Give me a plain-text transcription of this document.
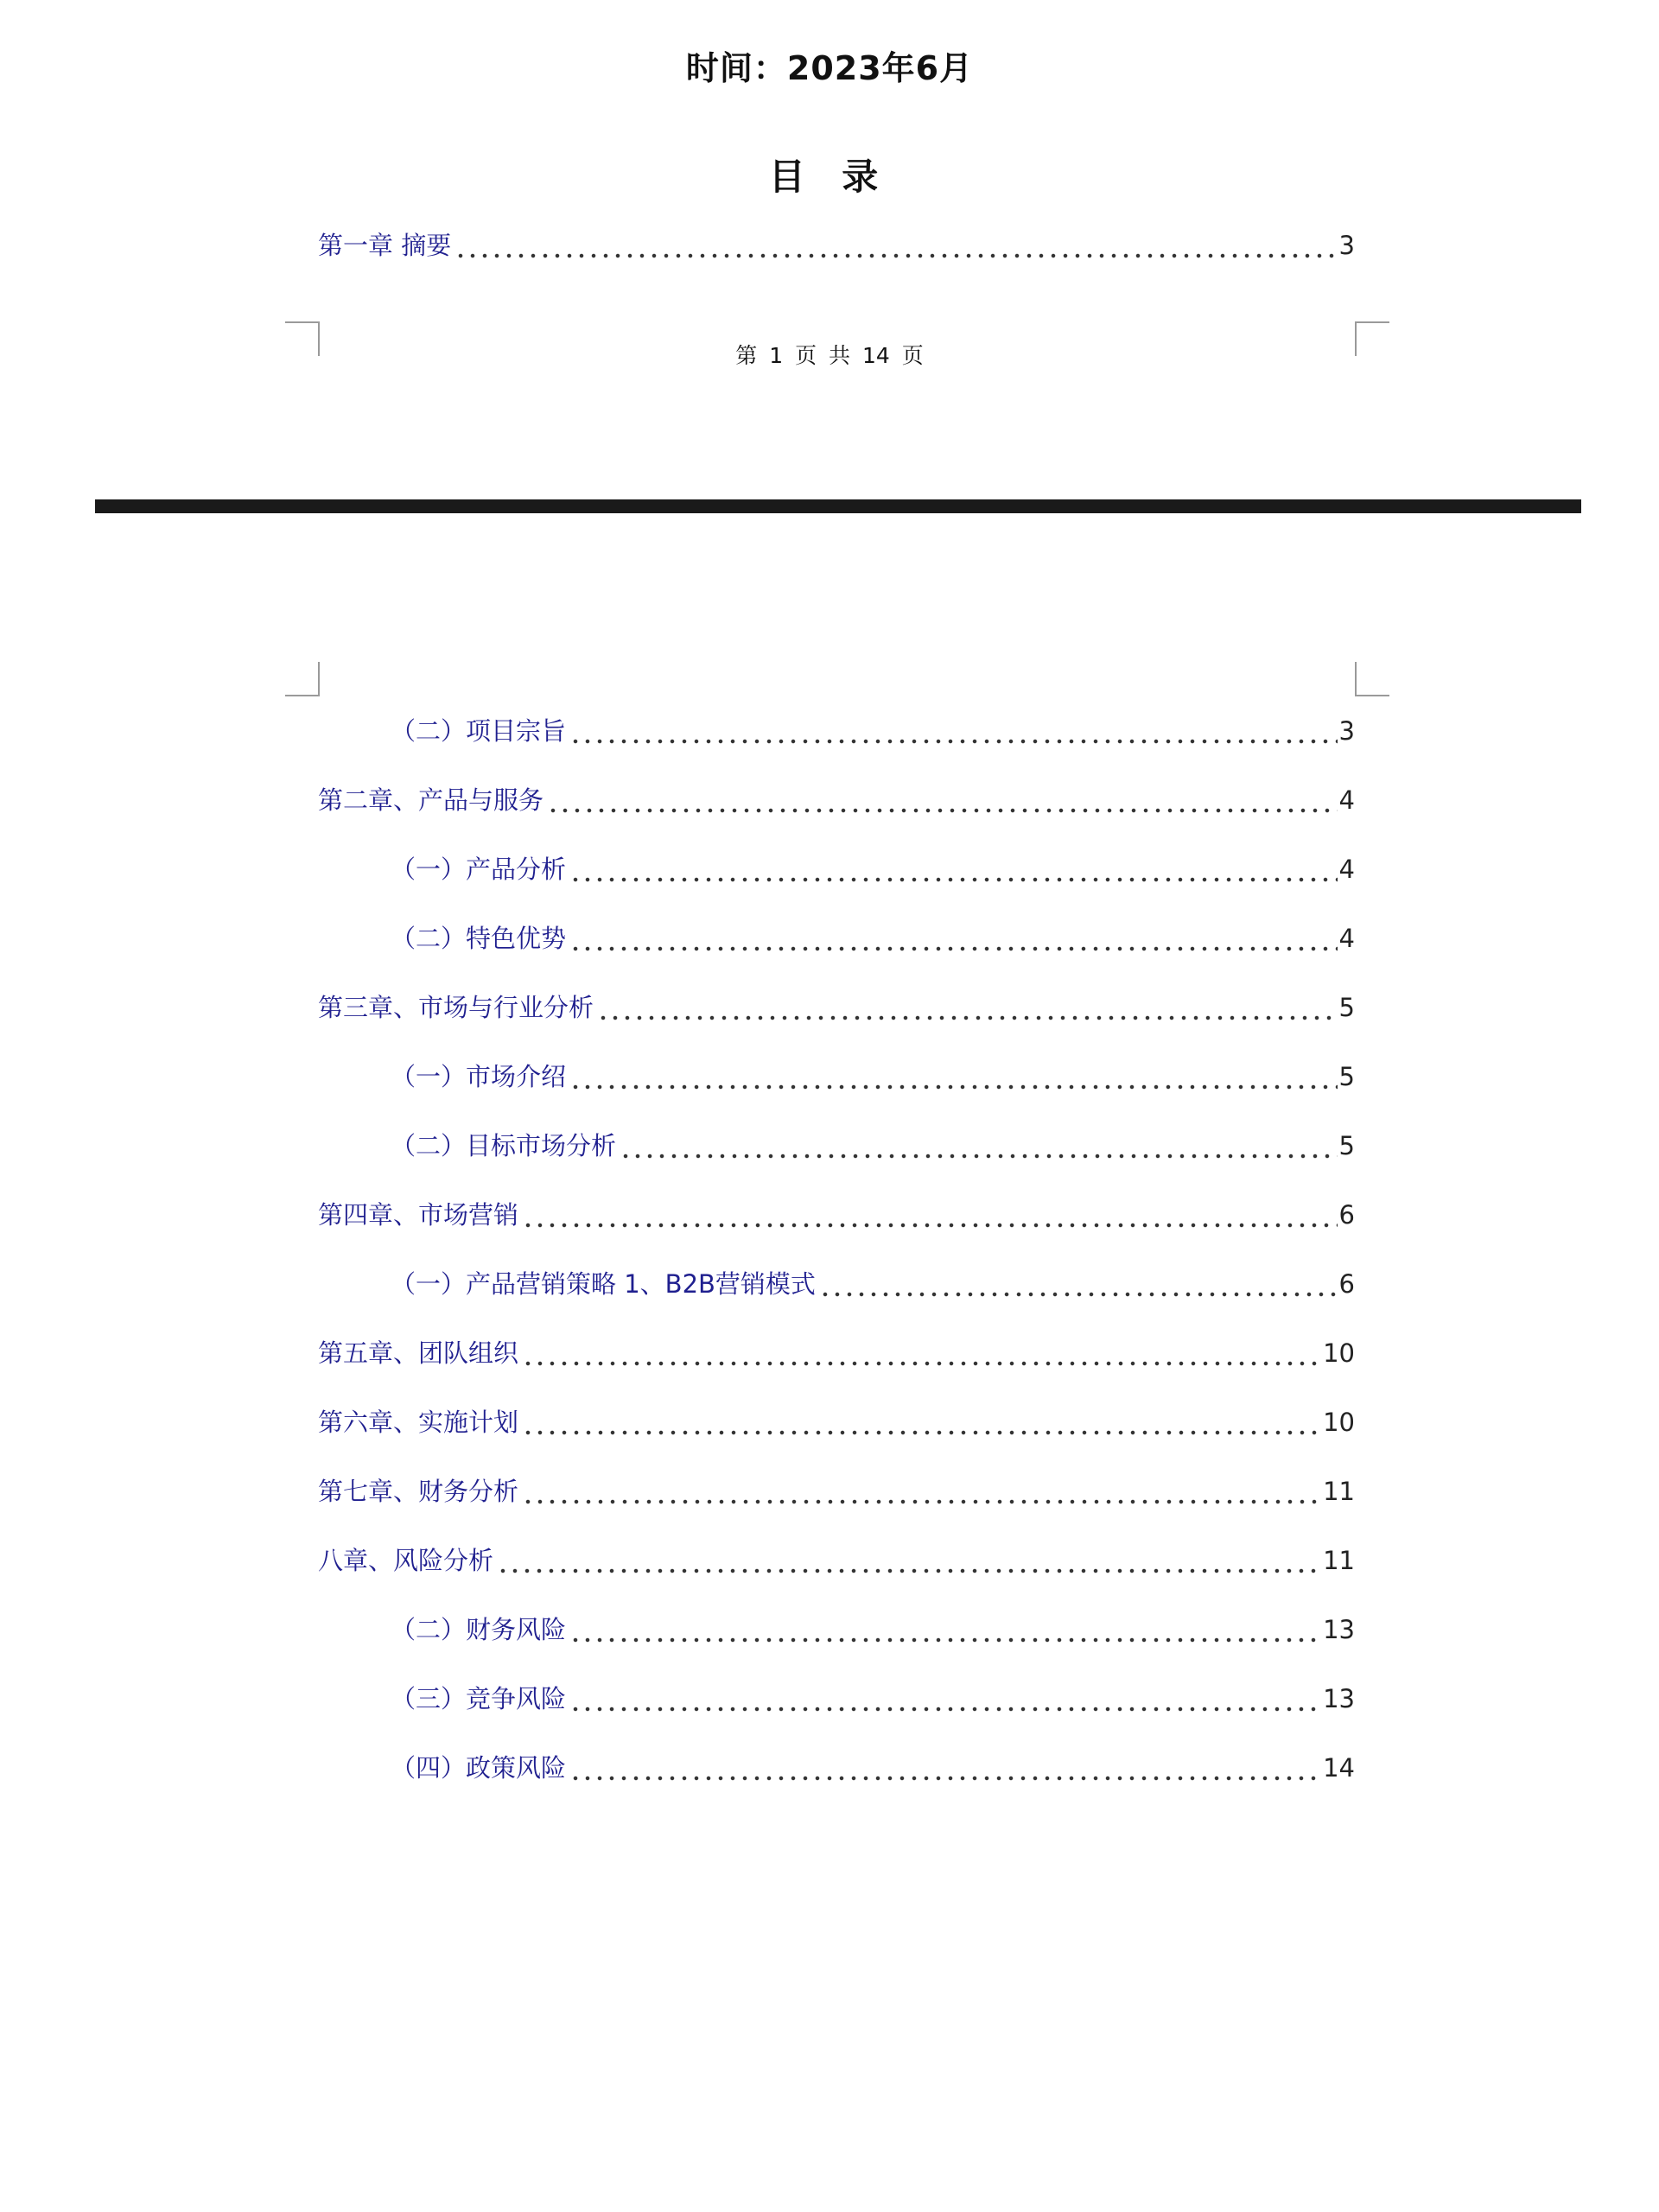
时间：2023年6月
目 录
第一章 摘要	3
第 1 页 共 14 页
（二）项目宗旨	3
第二章、产品与服务	4
（一）产品分析	4
（二）特色优势	4
第三章、市场与行业分析	5
（一）市场介绍	5
（二）目标市场分析	5
第四章、市场营销	6
（一）产品营销策略 1、B2B营销模式	6
第五章、团队组织	10
第六章、实施计划	10
第七章、财务分析	11
八章、风险分析	11
（二）财务风险	13
（三）竞争风险	13
（四）政策风险	14
